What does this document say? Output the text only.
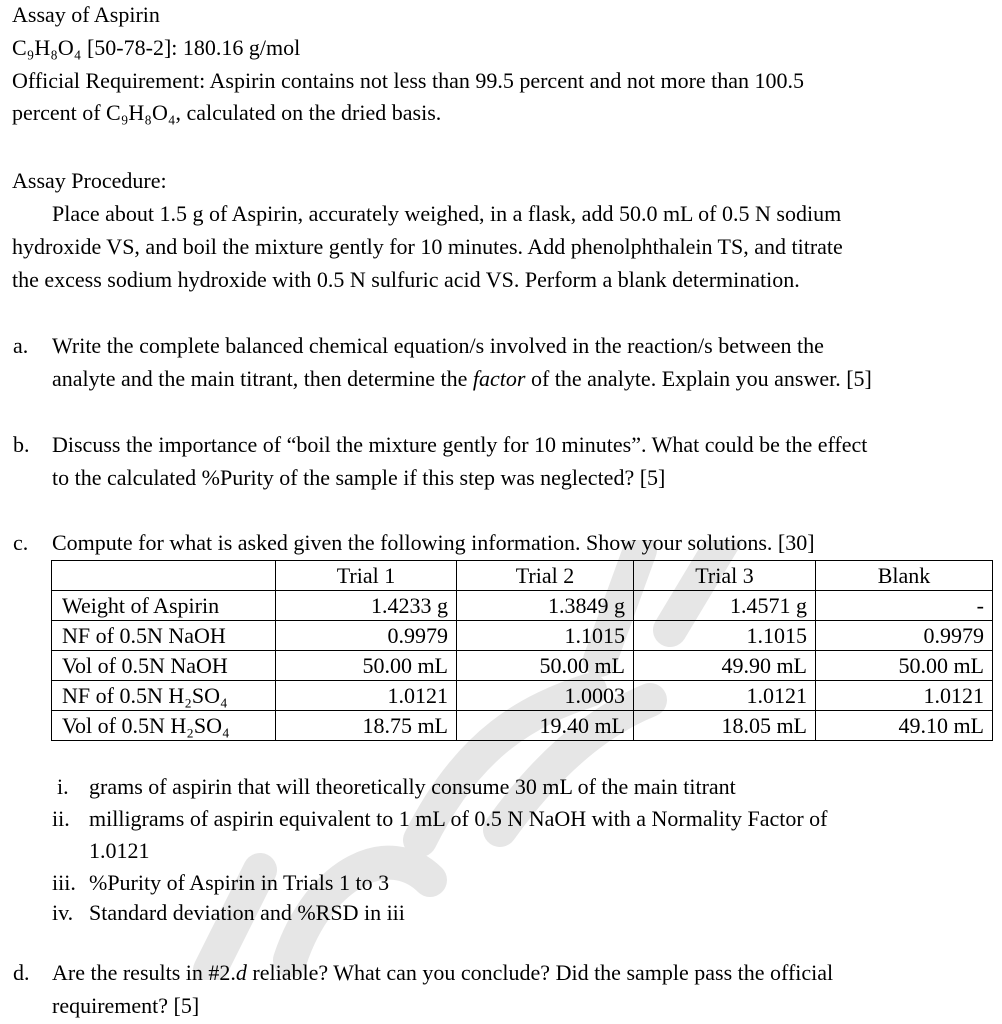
Assay of Aspirin
C₉H₈O₄ [50-78-2]: 180.16 g/mol
Official Requirement: Aspirin contains not less than 99.5 percent and not more than 100.5
percent of C₉H₈O₄, calculated on the dried basis.
Assay Procedure:
Place about 1.5 g of Aspirin, accurately weighed, in a flask, add 50.0 mL of 0.5 N sodium
hydroxide VS, and boil the mixture gently for 10 minutes. Add phenolphthalein TS, and titrate
the excess sodium hydroxide with 0.5 N sulfuric acid VS. Perform a blank determination.
a. Write the complete balanced chemical equation/s involved in the reaction/s between the
analyte and the main titrant, then determine the factor of the analyte. Explain you answer. [5]
b. Discuss the importance of “boil the mixture gently for 10 minutes”. What could be the effect
to the calculated %Purity of the sample if this step was neglected? [5]
c. Compute for what is asked given the following information. Show your solutions. [30]
	Trial 1	Trial 2	Trial 3	Blank
Weight of Aspirin	1.4233 g	1.3849 g	1.4571 g	-
NF of 0.5N NaOH	0.9979	1.1015	1.1015	0.9979
Vol of 0.5N NaOH	50.00 mL	50.00 mL	49.90 mL	50.00 mL
NF of 0.5N H₂SO₄	1.0121	1.0003	1.0121	1.0121
Vol of 0.5N H₂SO₄	18.75 mL	19.40 mL	18.05 mL	49.10 mL
i. grams of aspirin that will theoretically consume 30 mL of the main titrant
ii. milligrams of aspirin equivalent to 1 mL of 0.5 N NaOH with a Normality Factor of
1.0121
iii. %Purity of Aspirin in Trials 1 to 3
iv. Standard deviation and %RSD in iii
d. Are the results in #2.d reliable? What can you conclude? Did the sample pass the official
requirement? [5]
